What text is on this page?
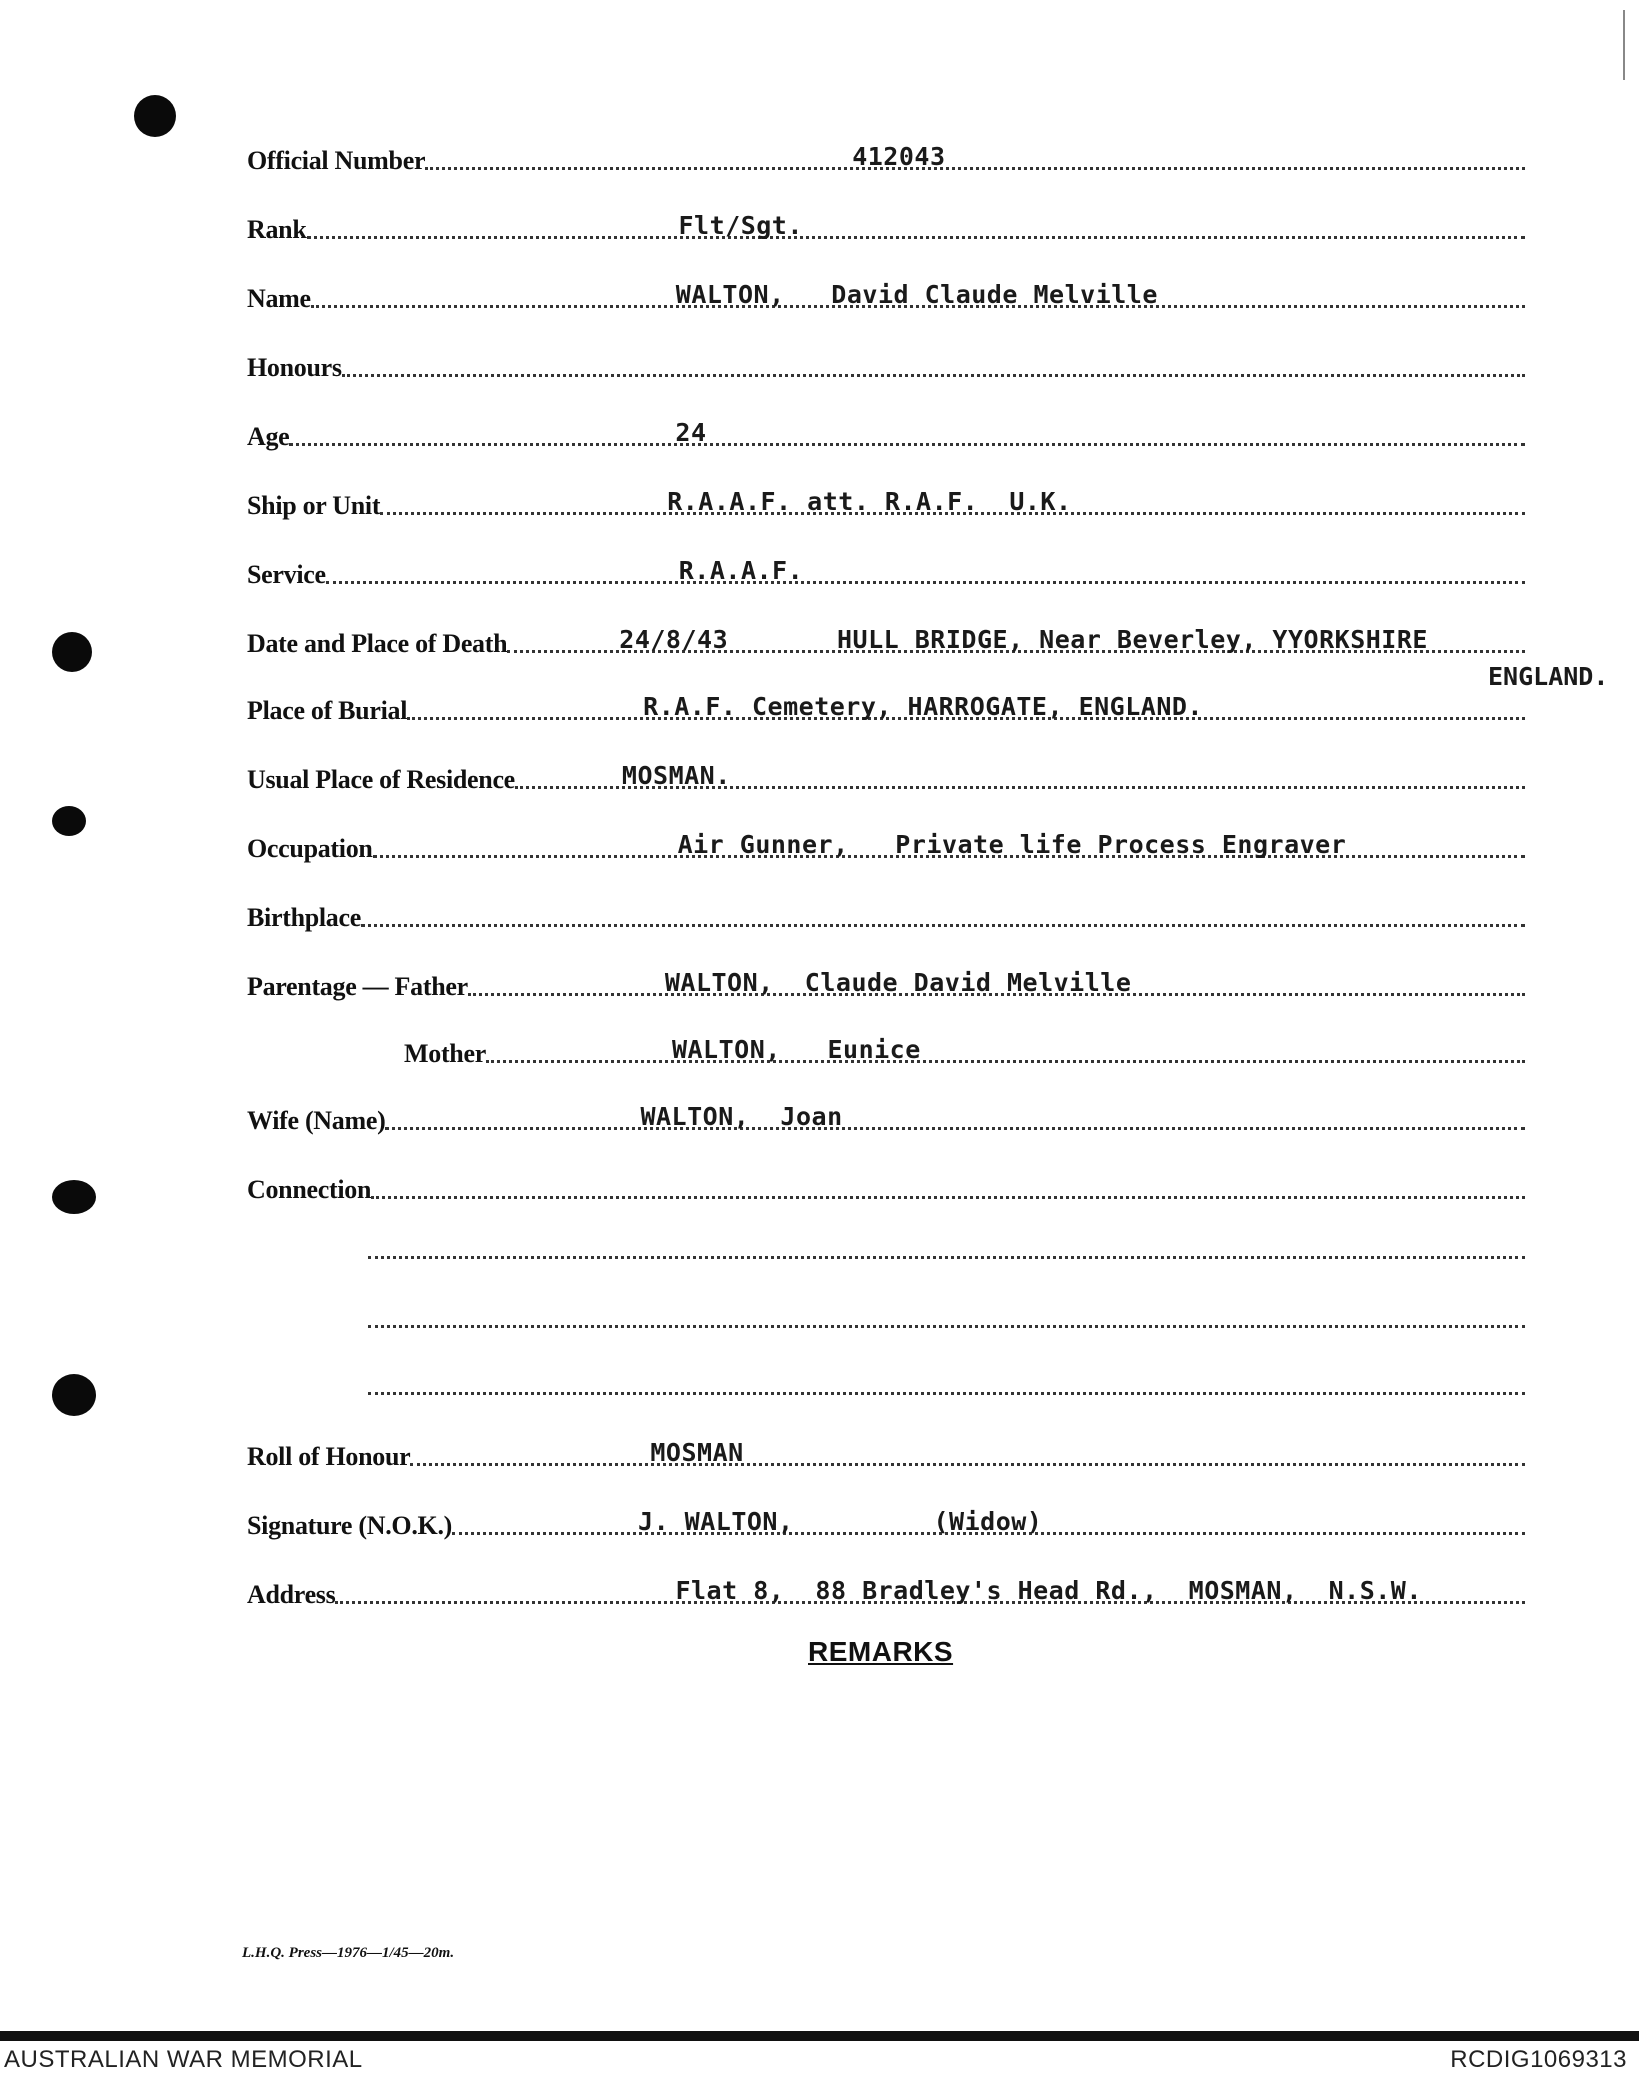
Official Number	412043
Rank	Flt/Sgt.
Name	WALTON,   David Claude Melville
Honours
Age	24
Ship or Unit	R.A.A.F. att. R.A.F.  U.K.
Service	R.A.A.F.
Date and Place of Death	24/8/43       HULL BRIDGE, Near Beverley, YYORKSHIRE
ENGLAND.
Place of Burial	R.A.F. Cemetery, HARROGATE, ENGLAND.
Usual Place of Residence	MOSMAN.
Occupation	Air Gunner,   Private life Process Engraver
Birthplace
Parentage — Father	WALTON,  Claude David Melville
Mother	WALTON,   Eunice
Wife (Name)	WALTON,  Joan
Connection
Roll of Honour	MOSMAN
Signature (N.O.K.)	J. WALTON,         (Widow)
Address	Flat 8,  88 Bradley's Head Rd.,  MOSMAN,  N.S.W.
REMARKS
L.H.Q. Press—1976—1/45—20m.
AUSTRALIAN WAR MEMORIAL	RCDIG1069313
